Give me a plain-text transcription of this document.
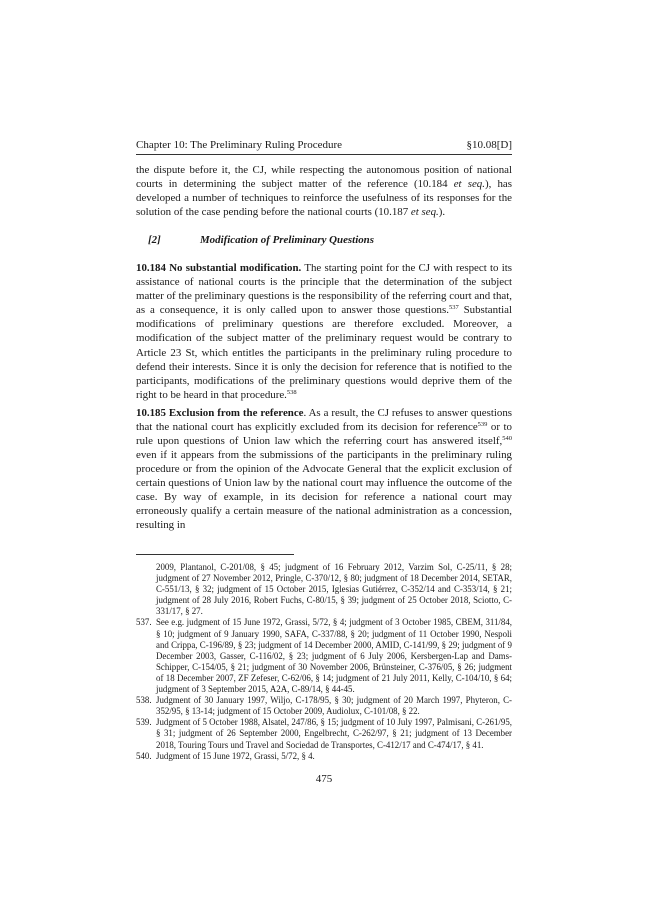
Chapter 10: The Preliminary Ruling Procedure	§10.08[D]

the dispute before it, the CJ, while respecting the autonomous position of national courts in determining the subject matter of the reference (10.184 et seq.), has developed a number of techniques to reinforce the usefulness of its responses for the solution of the case pending before the national courts (10.187 et seq.).

[2]	Modification of Preliminary Questions

10.184 No substantial modification. The starting point for the CJ with respect to its assistance of national courts is the principle that the determination of the subject matter of the preliminary questions is the responsibility of the referring court and that, as a consequence, it is only called upon to answer those questions.$^{537}$ Substantial modifications of preliminary questions are therefore excluded. Moreover, a modification of the subject matter of the preliminary request would be contrary to Article 23 St, which entitles the participants in the preliminary ruling procedure to defend their interests. Since it is only the decision for reference that is notified to the participants, modifications of the preliminary questions would deprive them of the right to be heard in that procedure.$^{538}$

10.185 Exclusion from the reference. As a result, the CJ refuses to answer questions that the national court has explicitly excluded from its decision for reference$^{539}$ or to rule upon questions of Union law which the referring court has answered itself,$^{540}$ even if it appears from the submissions of the participants in the preliminary ruling procedure or from the opinion of the Advocate General that the explicit exclusion of certain questions of Union law by the national court may influence the outcome of the case. By way of example, in its decision for reference a national court may erroneously qualify a certain measure of the national administration as a concession, resulting in

2009, Plantanol, C-201/08, § 45; judgment of 16 February 2012, Varzim Sol, C-25/11, § 28; judgment of 27 November 2012, Pringle, C-370/12, § 80; judgment of 18 December 2014, SETAR, C-551/13, § 32; judgment of 15 October 2015, Iglesias Gutiérrez, C-352/14 and C-353/14, § 21; judgment of 28 July 2016, Robert Fuchs, C-80/15, § 39; judgment of 25 October 2018, Sciotto, C-331/17, § 27.
537. See e.g. judgment of 15 June 1972, Grassi, 5/72, § 4; judgment of 3 October 1985, CBEM, 311/84, § 10; judgment of 9 January 1990, SAFA, C-337/88, § 20; judgment of 11 October 1990, Nespoli and Crippa, C-196/89, § 23; judgment of 14 December 2000, AMID, C-141/99, § 29; judgment of 9 December 2003, Gasser, C-116/02, § 23; judgment of 6 July 2006, Kersbergen-Lap and Dams-Schipper, C-154/05, § 21; judgment of 30 November 2006, Brünsteiner, C-376/05, § 26; judgment of 18 December 2007, ZF Zefeser, C-62/06, § 14; judgment of 21 July 2011, Kelly, C-104/10, § 64; judgment of 3 September 2015, A2A, C-89/14, § 44-45.
538. Judgment of 30 January 1997, Wiljo, C-178/95, § 30; judgment of 20 March 1997, Phyteron, C-352/95, § 13-14; judgment of 15 October 2009, Audiolux, C-101/08, § 22.
539. Judgment of 5 October 1988, Alsatel, 247/86, § 15; judgment of 10 July 1997, Palmisani, C-261/95, § 31; judgment of 26 September 2000, Engelbrecht, C-262/97, § 21; judgment of 13 December 2018, Touring Tours und Travel and Sociedad de Transportes, C-412/17 and C-474/17, § 41.
540. Judgment of 15 June 1972, Grassi, 5/72, § 4.
475
